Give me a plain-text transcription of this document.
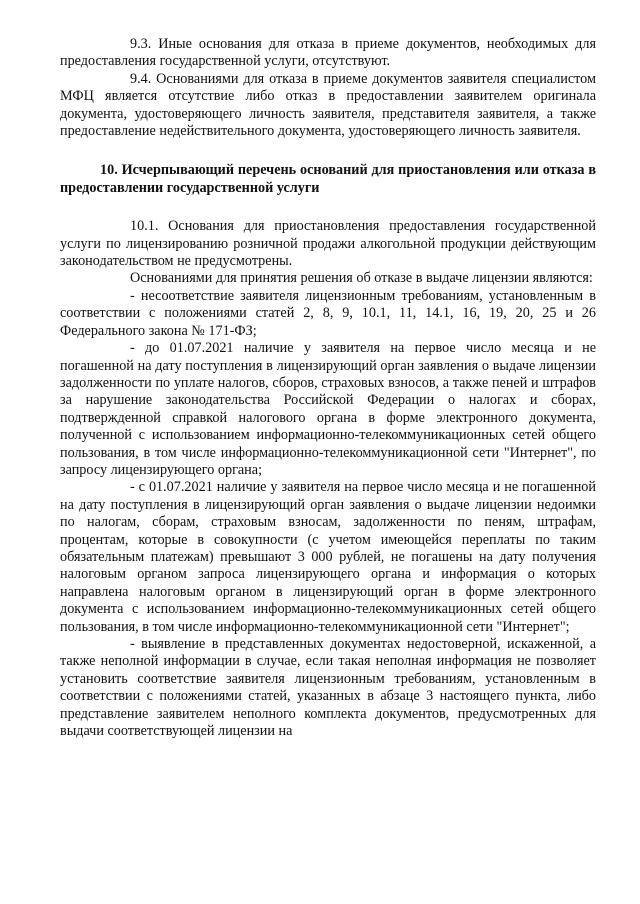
9.3. Иные основания для отказа в приеме документов, необходимых для предоставления государственной услуги, отсутствуют.

9.4. Основаниями для отказа в приеме документов заявителя специалистом МФЦ является отсутствие либо отказ в предоставлении заявителем оригинала документа, удостоверяющего личность заявителя, представителя заявителя, а также предоставление недействительного документа, удостоверяющего личность заявителя.

10. Исчерпывающий перечень оснований для приостановления или отказа в предоставлении государственной услуги

10.1. Основания для приостановления предоставления государственной услуги по лицензированию розничной продажи алкогольной продукции действующим законодательством не предусмотрены.

Основаниями для принятия решения об отказе в выдаче лицензии являются:

- несоответствие заявителя лицензионным требованиям, установленным в соответствии с положениями статей 2, 8, 9, 10.1, 11, 14.1, 16, 19, 20, 25 и 26 Федерального закона № 171-ФЗ;

- до 01.07.2021 наличие у заявителя на первое число месяца и не погашенной на дату поступления в лицензирующий орган заявления о выдаче лицензии задолженности по уплате налогов, сборов, страховых взносов, а также пеней и штрафов за нарушение законодательства Российской Федерации о налогах и сборах, подтвержденной справкой налогового органа в форме электронного документа, полученной с использованием информационно-телекоммуникационных сетей общего пользования, в том числе информационно-телекоммуникационной сети "Интернет", по запросу лицензирующего органа;

- с 01.07.2021 наличие у заявителя на первое число месяца и не погашенной на дату поступления в лицензирующий орган заявления о выдаче лицензии недоимки по налогам, сборам, страховым взносам, задолженности по пеням, штрафам, процентам, которые в совокупности (с учетом имеющейся переплаты по таким обязательным платежам) превышают 3 000 рублей, не погашены на дату получения налоговым органом запроса лицензирующего органа и информация о которых направлена налоговым органом в лицензирующий орган в форме электронного документа с использованием информационно-телекоммуникационных сетей общего пользования, в том числе информационно-телекоммуникационной сети "Интернет";

- выявление в представленных документах недостоверной, искаженной, а также неполной информации в случае, если такая неполная информация не позволяет установить соответствие заявителя лицензионным требованиям, установленным в соответствии с положениями статей, указанных в абзаце 3 настоящего пункта, либо представление заявителем неполного комплекта документов, предусмотренных для выдачи соответствующей лицензии на
